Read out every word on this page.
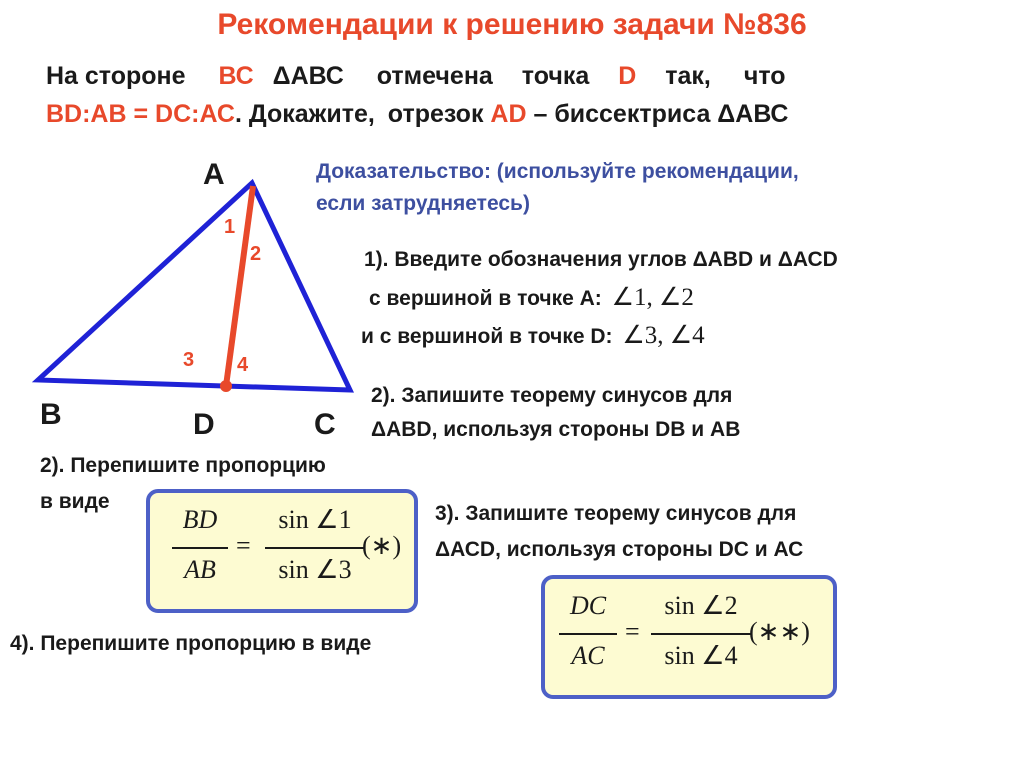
Рекомендации к решению задачи №836
На стороне ВС ΔАВС отмечена точка D так, что
ВD:АВ = DС:АС. Докажите, отрезок АD – биссектриса ΔАВС
A
B	C
D
1
2
3 4
Доказательство: (используйте рекомендации,
если затрудняетесь)
1). Введите обозначения углов ΔАВD и ΔАСD
с вершиной в точке А: ∠1, ∠2
и с вершиной в точке D: ∠3, ∠4
2). Запишите теорему синусов для
ΔАВD, используя стороны DВ и АВ
2). Перепишите пропорцию
в виде
BD
AB
=
sin ∠1
sin ∠3
(∗)
3). Запишите теорему синусов для
ΔАСD, используя стороны DС и АС
4). Перепишите пропорцию в виде
DC
AC
=
sin ∠2
sin ∠4
(∗∗)
